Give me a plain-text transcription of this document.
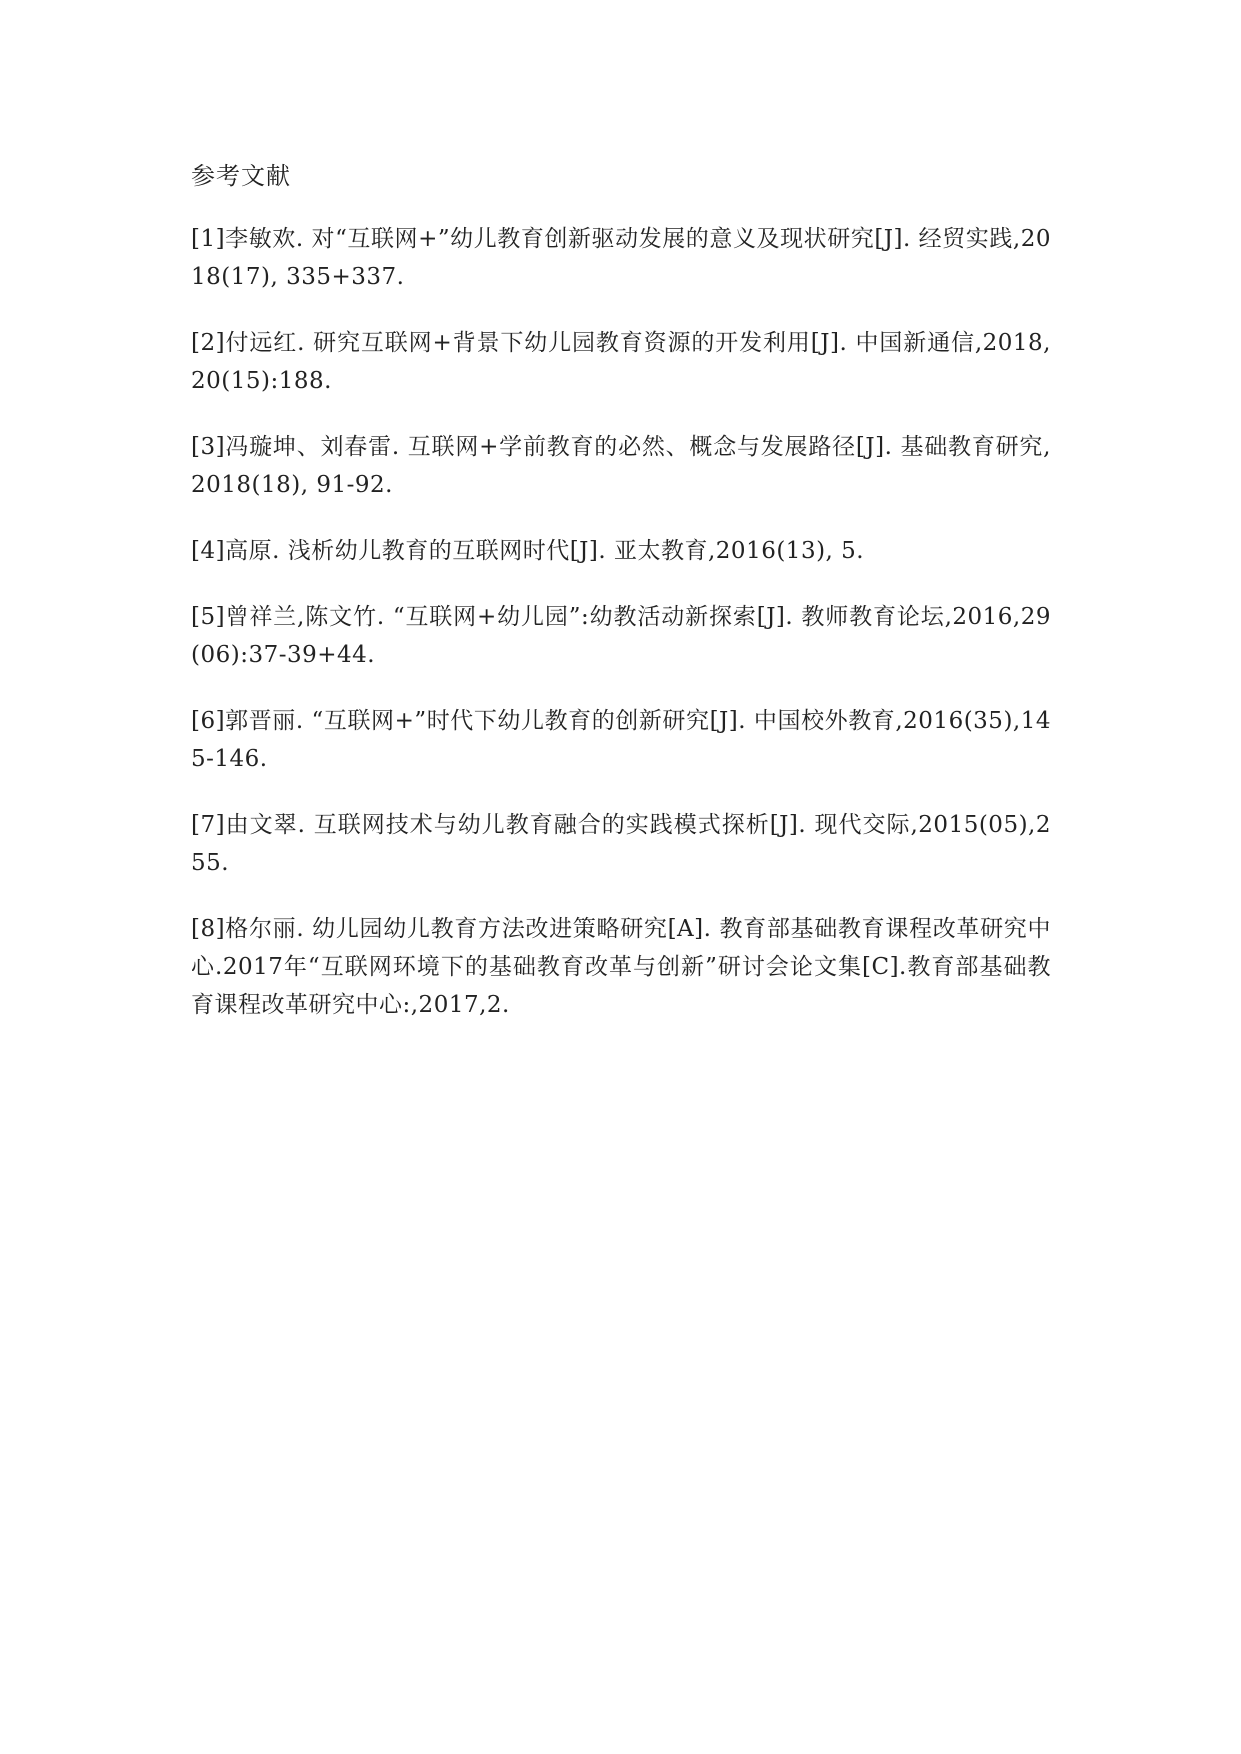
参考文献

[1]李敏欢. 对“互联网+”幼儿教育创新驱动发展的意义及现状研究[J]. 经贸实践,2018(17), 335+337.

[2]付远红. 研究互联网+背景下幼儿园教育资源的开发利用[J]. 中国新通信,2018,20(15):188.

[3]冯璇坤、刘春雷. 互联网+学前教育的必然、概念与发展路径[J]. 基础教育研究,2018(18), 91-92.

[4]高原. 浅析幼儿教育的互联网时代[J]. 亚太教育,2016(13), 5.

[5]曾祥兰,陈文竹. “互联网+幼儿园”:幼教活动新探索[J]. 教师教育论坛,2016,29(06):37-39+44.

[6]郭晋丽. “互联网+”时代下幼儿教育的创新研究[J]. 中国校外教育,2016(35),145-146.

[7]由文翠. 互联网技术与幼儿教育融合的实践模式探析[J]. 现代交际,2015(05),255.

[8]格尔丽. 幼儿园幼儿教育方法改进策略研究[A]. 教育部基础教育课程改革研究中心.2017年“互联网环境下的基础教育改革与创新”研讨会论文集[C].教育部基础教育课程改革研究中心:,2017,2.
